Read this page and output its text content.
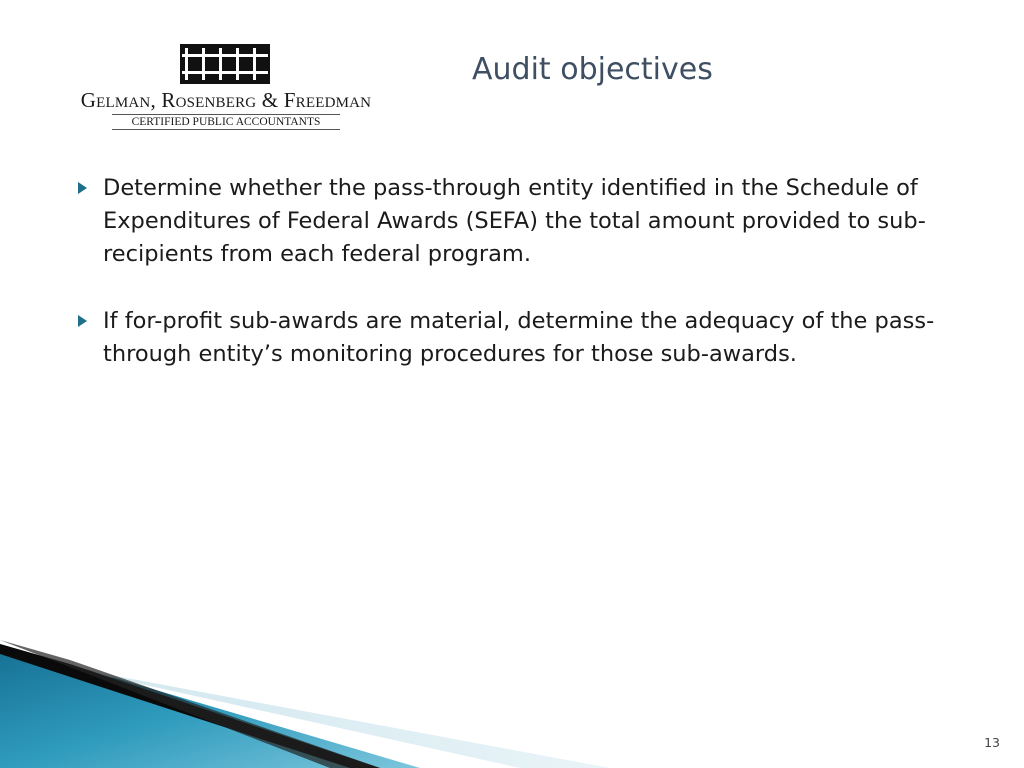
Gelman, Rosenberg & Freedman
CERTIFIED PUBLIC ACCOUNTANTS
Audit objectives
Determine whether the pass-through entity identified in the Schedule of Expenditures of Federal Awards (SEFA) the total amount provided to sub-recipients from each federal program.
If for-profit sub-awards are material, determine the adequacy of the pass-through entity’s monitoring procedures for those sub-awards.
13
